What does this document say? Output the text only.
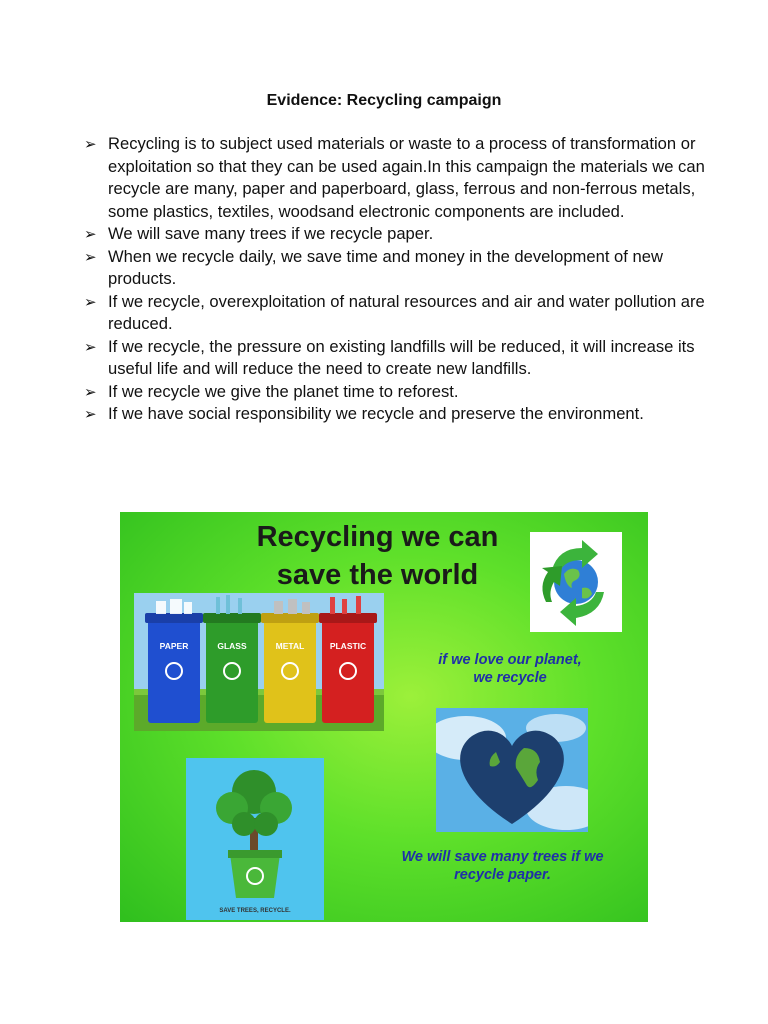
Evidence: Recycling campaign
➢ Recycling is to subject used materials or waste to a process of transformation or exploitation so that they can be used again.In this campaign the materials we can recycle are many, paper and paperboard, glass, ferrous and non-ferrous metals, some plastics, textiles, woodsand electronic components are included.
➢ We will save many trees if we recycle paper.
➢ When we recycle daily, we save time and money in the development of new products.
➢ If we recycle, overexploitation of natural resources and air and water pollution are reduced.
➢ If we recycle, the pressure on existing landfills will be reduced, it will increase its useful life and will reduce the need to create new landfills.
➢ If we recycle we give the planet time to reforest.
➢ If we have social responsibility we recycle and preserve the environment.
Recycling we can
save the world
PAPER	GLASS	METAL	PLASTIC
if we love our planet,
we recycle
SAVE TREES, RECYCLE.
We will save many trees if we
recycle paper.
